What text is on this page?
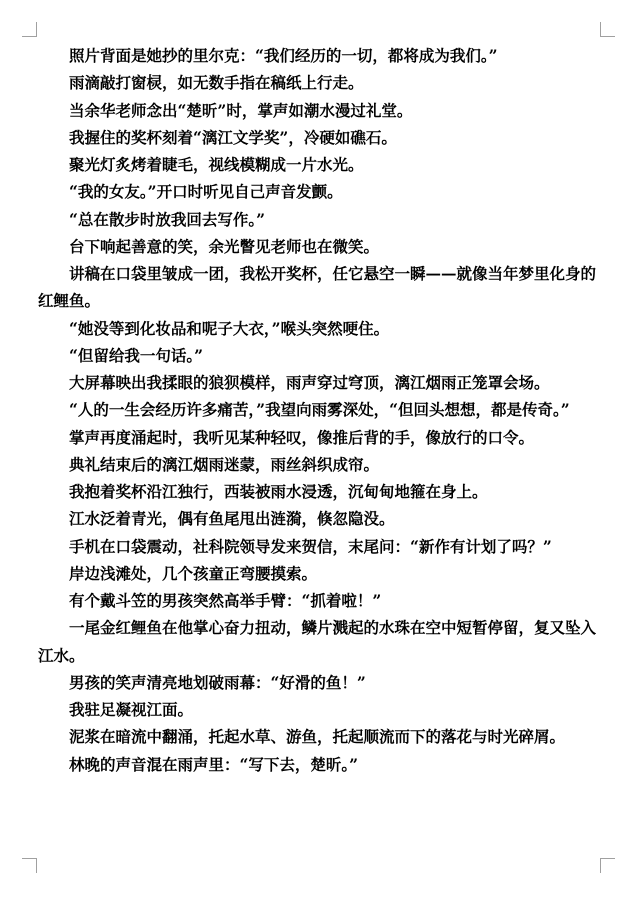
照片背面是她抄的里尔克：“我们经历的一切，都将成为我们。”

雨滴敲打窗棂，如无数手指在稿纸上行走。

当余华老师念出“楚昕”时，掌声如潮水漫过礼堂。

我握住的奖杯刻着“漓江文学奖”，冷硬如礁石。

聚光灯炙烤着睫毛，视线模糊成一片水光。

“我的女友。”开口时听见自己声音发颤。

“总在散步时放我回去写作。”

台下响起善意的笑，余光瞥见老师也在微笑。

讲稿在口袋里皱成一团，我松开奖杯，任它悬空一瞬——就像当年梦里化身的红鲤鱼。

“她没等到化妆品和呢子大衣，”喉头突然哽住。

“但留给我一句话。”

大屏幕映出我揉眼的狼狈模样，雨声穿过穹顶，漓江烟雨正笼罩会场。

“人的一生会经历许多痛苦，”我望向雨雾深处，“但回头想想，都是传奇。”

掌声再度涌起时，我听见某种轻叹，像推后背的手，像放行的口令。

典礼结束后的漓江烟雨迷蒙，雨丝斜织成帘。

我抱着奖杯沿江独行，西装被雨水浸透，沉甸甸地箍在身上。

江水泛着青光，偶有鱼尾甩出涟漪，倏忽隐没。

手机在口袋震动，社科院领导发来贺信，末尾问：“新作有计划了吗？”

岸边浅滩处，几个孩童正弯腰摸索。

有个戴斗笠的男孩突然高举手臂：“抓着啦！”

一尾金红鲤鱼在他掌心奋力扭动，鳞片溅起的水珠在空中短暂停留，复又坠入江水。

男孩的笑声清亮地划破雨幕：“好滑的鱼！”

我驻足凝视江面。

泥浆在暗流中翻涌，托起水草、游鱼，托起顺流而下的落花与时光碎屑。

林晚的声音混在雨声里：“写下去，楚昕。”
